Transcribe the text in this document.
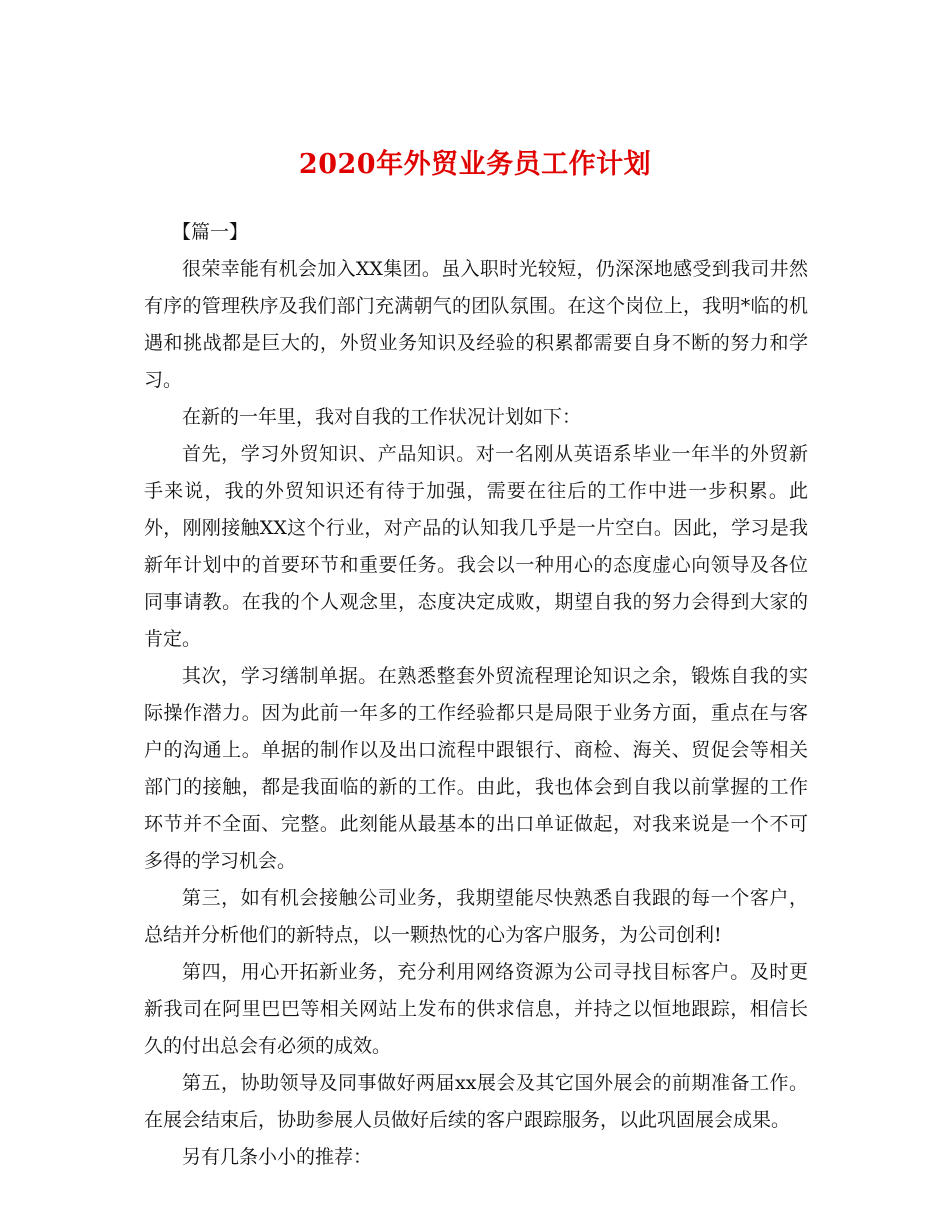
2020年外贸业务员工作计划

【篇一】

很荣幸能有机会加入XX集团。虽入职时光较短，仍深深地感受到我司井然有序的管理秩序及我们部门充满朝气的团队氛围。在这个岗位上，我明*临的机遇和挑战都是巨大的，外贸业务知识及经验的积累都需要自身不断的努力和学习。

在新的一年里，我对自我的工作状况计划如下：

首先，学习外贸知识、产品知识。对一名刚从英语系毕业一年半的外贸新手来说，我的外贸知识还有待于加强，需要在往后的工作中进一步积累。此外，刚刚接触XX这个行业，对产品的认知我几乎是一片空白。因此，学习是我新年计划中的首要环节和重要任务。我会以一种用心的态度虚心向领导及各位同事请教。在我的个人观念里，态度决定成败，期望自我的努力会得到大家的肯定。

其次，学习缮制单据。在熟悉整套外贸流程理论知识之余，锻炼自我的实际操作潜力。因为此前一年多的工作经验都只是局限于业务方面，重点在与客户的沟通上。单据的制作以及出口流程中跟银行、商检、海关、贸促会等相关部门的接触，都是我面临的新的工作。由此，我也体会到自我以前掌握的工作环节并不全面、完整。此刻能从最基本的出口单证做起，对我来说是一个不可多得的学习机会。

第三，如有机会接触公司业务，我期望能尽快熟悉自我跟的每一个客户，总结并分析他们的新特点，以一颗热忱的心为客户服务，为公司创利!

第四，用心开拓新业务，充分利用网络资源为公司寻找目标客户。及时更新我司在阿里巴巴等相关网站上发布的供求信息，并持之以恒地跟踪，相信长久的付出总会有必须的成效。

第五，协助领导及同事做好两届xx展会及其它国外展会的前期准备工作。在展会结束后，协助参展人员做好后续的客户跟踪服务，以此巩固展会成果。

另有几条小小的推荐：
